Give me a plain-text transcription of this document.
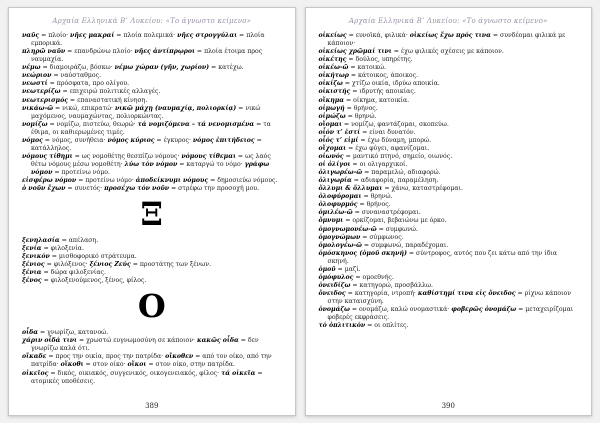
Αρχαία Ελληνικά Β’ Λυκείου: «Το άγνωστο κείμενο»

ναῦς = πλοίο· νῆες μακραί = πλοία πολεμικά· νῆες στρογγύλαι = πλοία εμπορικά.

πληρῶ ναῦν = επανδρώνω πλοίο· νῆες ἀντίπρῳροι = πλοία έτοιμα προς ναυμαχία.

νέμω = διαμοιράζω, βόσκω· νέμω χώραν (γῆν, χωρίον) = κατέχω.

νεώριον = ναύσταθμος.

νεωστί = πρόσφατα, προ ολίγου.

νεωτερίζω = επιχειρώ πολιτικές αλλαγές.

νεωτερισμός = επαναστατική κίνηση.

νικάω-ῶ = νικώ, επικρατώ· νικῶ μάχῃ (ναυμαχίᾳ, πολιορκίᾳ) = νικώ μαχόμενος, ναυμαχώντας, πολιορκώντας.

νομίζω = νομίζω, πιστεύω, θεωρώ· τά νομιζόμενα – τά νενομισμένα = τα έθιμα, οι καθιερωμένες τιμές.

νόμος = νόμος, συνήθεια· νόμος κύριος = έγκυρος· νόμος ἐπιτήδειος = κατάλληλος.

νόμους τίθημι = ως νομοθέτης θεσπίζω νόμους· νόμους τίθεμαι = ως λαός θέτω νόμους μέσω νομοθέτη· λύω τόν νόμον = καταργώ το νόμο· γράφω νόμον = προτείνω νόμο.

εἰσφέρω νόμον = προτείνω νόμο· ἀποδείκνυμι νόμους = δημοσιεύω νόμους.

ὁ νοῦν ἔχων = συνετός· προσέχω τόν νοῦν = στρέφω την προσοχή μου.

Ξ

ξενηλασία = απέλαση.

ξενία = φιλοξενία.

ξενικόν = μισθοφορικό στράτευμα.

ξένιος = φιλόξενος· ξένιος Ζεύς = προστάτης των ξένων.

ξένια = δώρα φιλοξενίας.

ξένος = φιλοξενούμενος, ξένος, φίλος.

Ο

οἶδα = γνωρίζω, κατανοώ.

χάριν οἶδά τινι = χρωστώ ευγνωμοσύνη σε κάποιον· κακῶς οἶδα = δεν γνωρίζω καλά ότι.

οἴκαδε = προς την οικία, προς την πατρίδα· οἴκοθεν = από τον οίκο, από την πατρίδα· οἴκοθι = στον οίκο· οἴκοι = στον οίκο, στην πατρίδα.

οἰκεῖος = δικός, οικιακός, συγγενικός, οικογενειακός, φίλος· τά οἰκεῖα = ατομικές υποθέσεις.

389
Αρχαία Ελληνικά Β’ Λυκείου: «Το άγνωστο κείμενο»

οἰκείως = ευνοϊκά, φιλικά· οἰκείως ἔχω πρός τινα = συνδέομαι φιλικά με κάποιον·

οἰκείως χρῶμαί τινι = έχω φιλικές σχέσεις με κάποιον.

οἰκέτης = δούλος, υπηρέτης.

οἰκέω-ῶ = κατοικώ.

οἰκήτωρ = κάτοικος, άποικος.

οἰκίζω = χτίζω οικία, ιδρύω αποικία.

οἰκιστής = ιδρυτής αποικίας.

οἴκημα = οίκημα, κατοικία.

οἰμωγή = θρήνος.

οἰμώζω = θρηνώ.

οἴομαι = νομίζω, φαντάζομαι, σκοπεύω.

οἷόν τ’ ἐστί = είναι δυνατόν.

οἷός τ’ εἰμί = έχω δύναμη, μπορώ.

οἴχομαι = έχω φύγει, αφανίζομαι.

οἰωνός = μαντικό πτηνό, σημείο, οιωνός.

οἱ ὀλίγοι = οι ολιγαρχικοί.

ὀλιγωρέω-ῶ = παραμελώ, αδιαφορώ.

ὀλιγωρία = αδιαφορία, παραμέληση.

ὄλλυμι & ὄλλυμαι = χάνω, καταστρέφομαι.

ὀλοφύρομαι = θρηνώ.

ὀλοφυρμός = θρήνος.

ὁμιλέω-ῶ = συναναστρέφομαι.

ὄμνυμι = ορκίζομαι, βεβαιώνω με όρκο.

ὁμογνωμονέω-ῶ = συμφωνώ.

ὁμογνώμων = σύμφωνος.

ὁμολογέω-ῶ = συμφωνώ, παραδέχομαι.

ὁμόσκηνος (ὁμοῦ σκηνή) = σύντροφος, αυτός που ζει κάτω από την ίδια σκηνή.

ὁμοῦ = μαζί.

ὁμόφυλος = ομοεθνής.

ὀνειδίζω = κατηγορώ, προσβάλλω.

ὄνειδος = κατηγορία, ντροπή· καθίστημί τινα εἰς ὄνειδος = ρίχνω κάποιον στην καταισχύνη.

ὀνομάζω = ονομάζω, καλώ ονομαστικά· φοβερῶς ὀνομάζω = μεταχειρίζομαι φοβερές εκφράσεις.

τό ὁπλιτικόν = οι οπλίτες.

390
